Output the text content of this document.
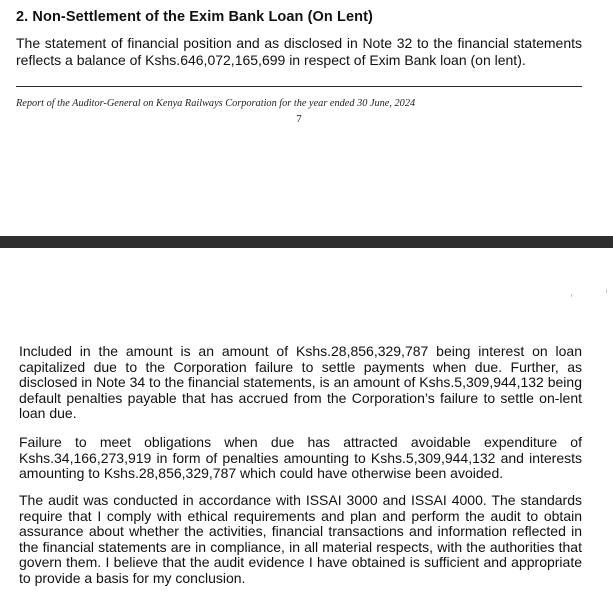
2. Non-Settlement of the Exim Bank Loan (On Lent)
The statement of financial position and as disclosed in Note 32 to the financial statements reflects a balance of Kshs.646,072,165,699 in respect of Exim Bank loan (on lent).
Report of the Auditor-General on Kenya Railways Corporation for the year ended 30 June, 2024
7
Included in the amount is an amount of Kshs.28,856,329,787 being interest on loan capitalized due to the Corporation failure to settle payments when due. Further, as disclosed in Note 34 to the financial statements, is an amount of Kshs.5,309,944,132 being default penalties payable that has accrued from the Corporation’s failure to settle on-lent loan due.
Failure to meet obligations when due has attracted avoidable expenditure of Kshs.34,166,273,919 in form of penalties amounting to Kshs.5,309,944,132 and interests amounting to Kshs.28,856,329,787 which could have otherwise been avoided.
The audit was conducted in accordance with ISSAI 3000 and ISSAI 4000. The standards require that I comply with ethical requirements and plan and perform the audit to obtain assurance about whether the activities, financial transactions and information reflected in the financial statements are in compliance, in all material respects, with the authorities that govern them. I believe that the audit evidence I have obtained is sufficient and appropriate to provide a basis for my conclusion.
